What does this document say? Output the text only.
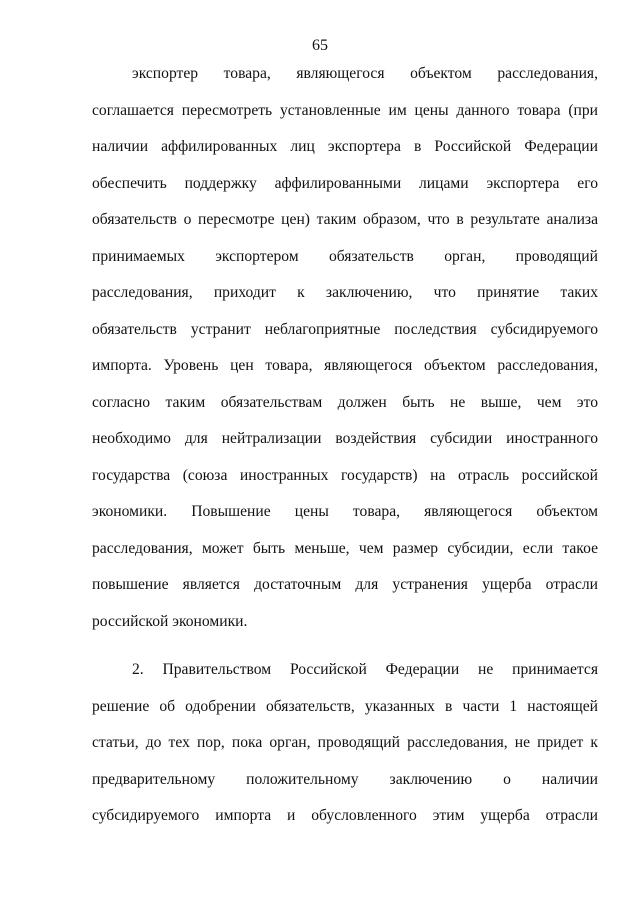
65
экспортер товара, являющегося объектом расследования,
соглашается пересмотреть установленные им цены данного товара (при
наличии аффилированных лиц экспортера в Российской Федерации
обеспечить поддержку аффилированными лицами экспортера его
обязательств о пересмотре цен) таким образом, что в результате анализа
принимаемых экспортером обязательств орган, проводящий
расследования, приходит к заключению, что принятие таких
обязательств устранит неблагоприятные последствия субсидируемого
импорта. Уровень цен товара, являющегося объектом расследования,
согласно таким обязательствам должен быть не выше, чем это
необходимо для нейтрализации воздействия субсидии иностранного
государства (союза иностранных государств) на отрасль российской
экономики. Повышение цены товара, являющегося объектом
расследования, может быть меньше, чем размер субсидии, если такое
повышение является достаточным для устранения ущерба отрасли
российской экономики.
2. Правительством Российской Федерации не принимается
решение об одобрении обязательств, указанных в части 1 настоящей
статьи, до тех пор, пока орган, проводящий расследования, не придет к
предварительному положительному заключению о наличии
субсидируемого импорта и обусловленного этим ущерба отрасли
